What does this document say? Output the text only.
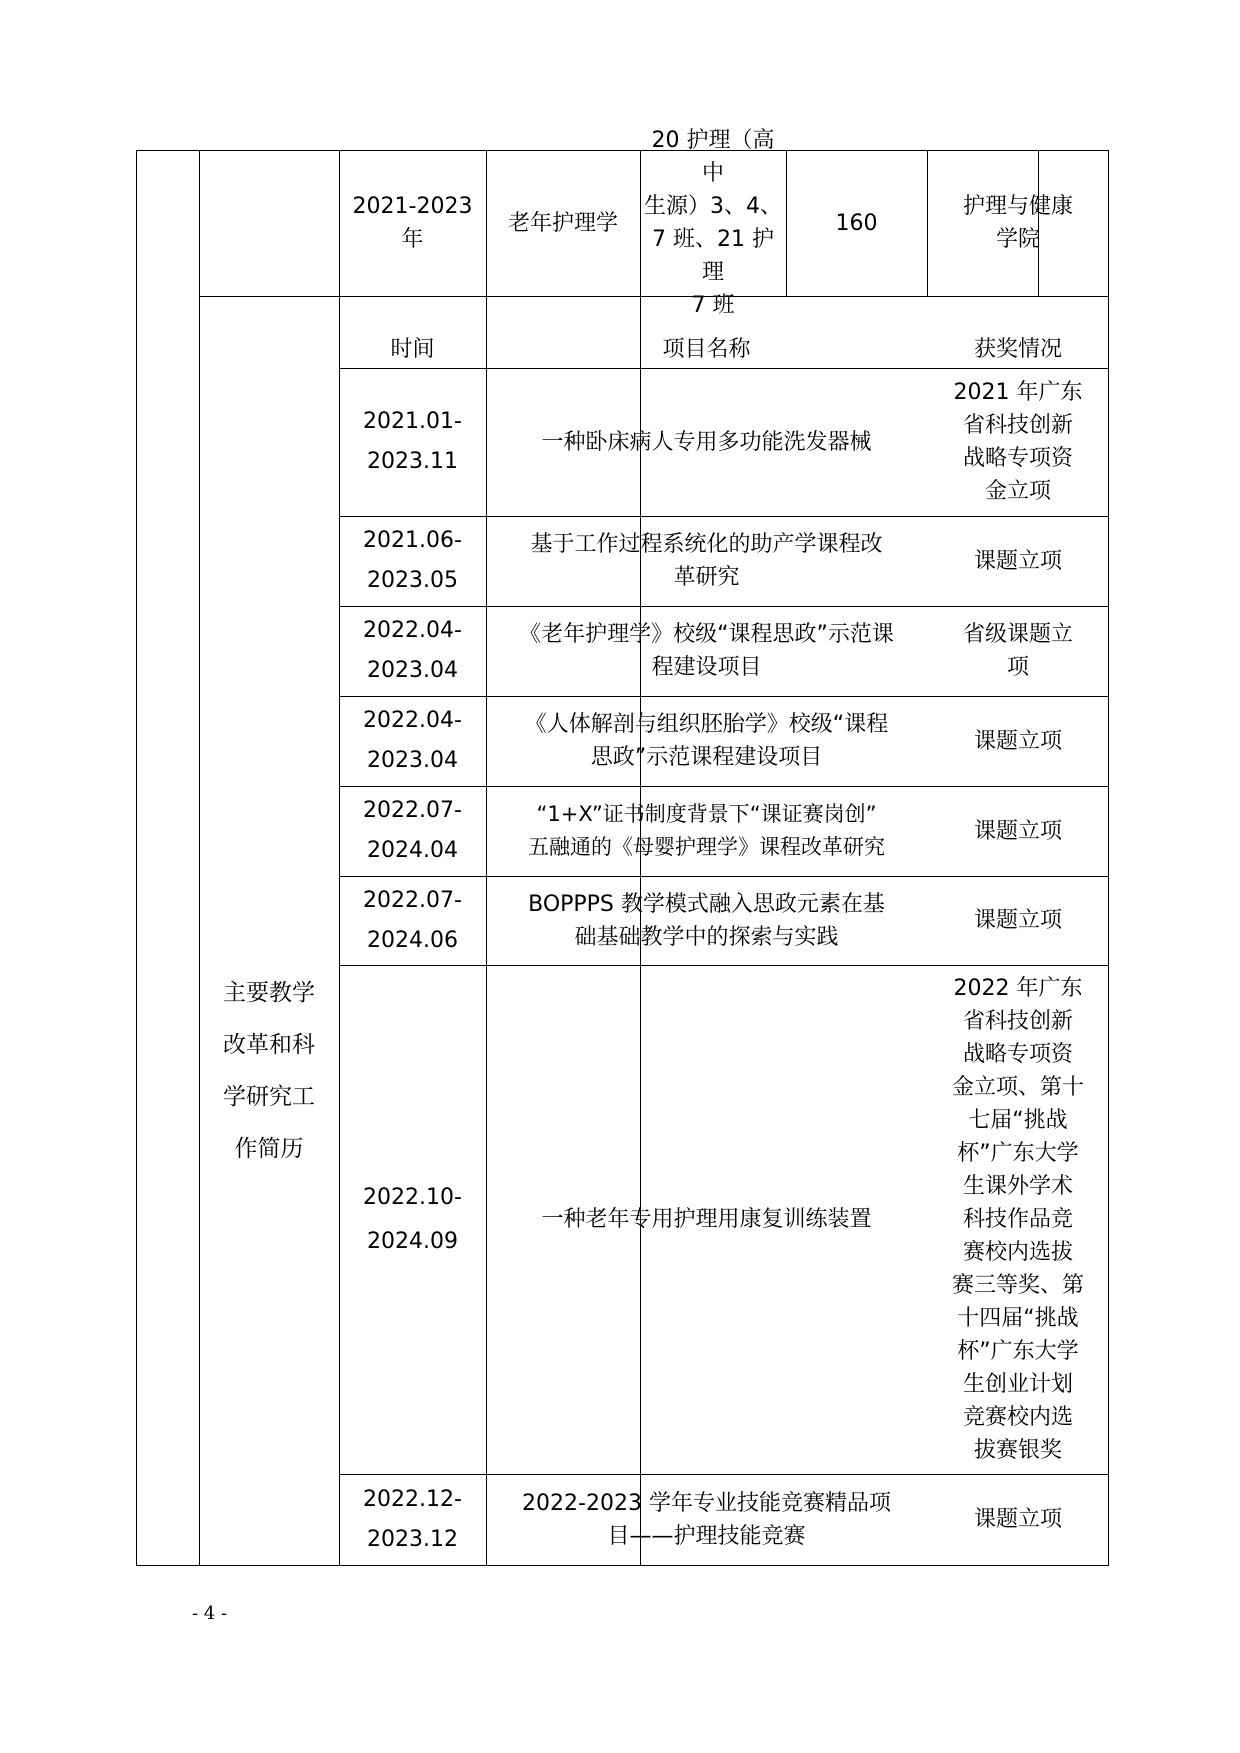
2021-2023
年
老年护理学
20 护理（高中
生源）3、4、
7 班、21 护理
7 班
160
护理与健康
学院
主要教学
改革和科
学研究工
作简历
时间	项目名称	获奖情况
2021.01-
2023.11
一种卧床病人专用多功能洗发器械
2021 年广东
省科技创新
战略专项资
金立项
2021.06-
2023.05
基于工作过程系统化的助产学课程改
革研究
课题立项
2022.04-
2023.04
《老年护理学》校级“课程思政”示范课
程建设项目
省级课题立
项
2022.04-
2023.04
《人体解剖与组织胚胎学》校级“课程
思政”示范课程建设项目
课题立项
2022.07-
2024.04
“1+X”证书制度背景下“课证赛岗创”
五融通的《母婴护理学》课程改革研究
课题立项
2022.07-
2024.06
BOPPPS 教学模式融入思政元素在基
础基础教学中的探索与实践
课题立项
2022.10-
2024.09
一种老年专用护理用康复训练装置
2022 年广东
省科技创新
战略专项资
金立项、第十
七届“挑战
杯”广东大学
生课外学术
科技作品竞
赛校内选拔
赛三等奖、第
十四届“挑战
杯”广东大学
生创业计划
竞赛校内选
拔赛银奖
2022.12-
2023.12
2022-2023 学年专业技能竞赛精品项
目——护理技能竞赛
课题立项
- 4 -
